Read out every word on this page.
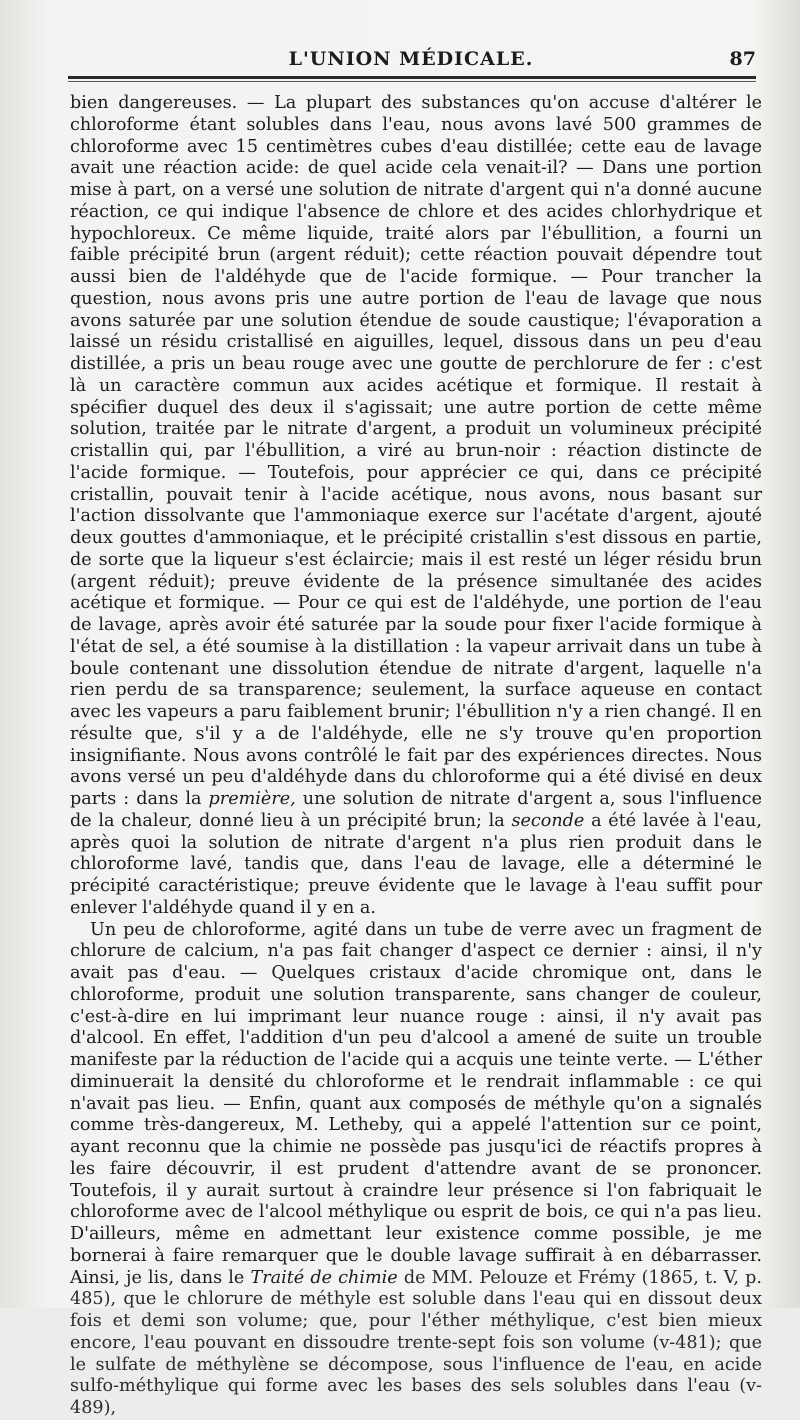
L'UNION MÉDICALE.	87

bien dangereuses. — La plupart des substances qu'on accuse d'altérer le chloroforme étant solubles dans l'eau, nous avons lavé 500 grammes de chloroforme avec 15 centimètres cubes d'eau distillée; cette eau de lavage avait une réaction acide: de quel acide cela venait-il? — Dans une portion mise à part, on a versé une solution de nitrate d'argent qui n'a donné aucune réaction, ce qui indique l'absence de chlore et des acides chlorhydrique et hypochloreux. Ce même liquide, traité alors par l'ébullition, a fourni un faible précipité brun (argent réduit); cette réaction pouvait dépendre tout aussi bien de l'aldéhyde que de l'acide formique. — Pour trancher la question, nous avons pris une autre portion de l'eau de lavage que nous avons saturée par une solution étendue de soude caustique; l'évaporation a laissé un résidu cristallisé en aiguilles, lequel, dissous dans un peu d'eau distillée, a pris un beau rouge avec une goutte de perchlorure de fer : c'est là un caractère commun aux acides acétique et formique. Il restait à spécifier duquel des deux il s'agissait; une autre portion de cette même solution, traitée par le nitrate d'argent, a produit un volumineux précipité cristallin qui, par l'ébullition, a viré au brun-noir : réaction distincte de l'acide formique. — Toutefois, pour apprécier ce qui, dans ce précipité cristallin, pouvait tenir à l'acide acétique, nous avons, nous basant sur l'action dissolvante que l'ammoniaque exerce sur l'acétate d'argent, ajouté deux gouttes d'ammoniaque, et le précipité cristallin s'est dissous en partie, de sorte que la liqueur s'est éclaircie; mais il est resté un léger résidu brun (argent réduit); preuve évidente de la présence simultanée des acides acétique et formique. — Pour ce qui est de l'aldéhyde, une portion de l'eau de lavage, après avoir été saturée par la soude pour fixer l'acide formique à l'état de sel, a été soumise à la distillation : la vapeur arrivait dans un tube à boule contenant une dissolution étendue de nitrate d'argent, laquelle n'a rien perdu de sa transparence; seulement, la surface aqueuse en contact avec les vapeurs a paru faiblement brunir; l'ébullition n'y a rien changé. Il en résulte que, s'il y a de l'aldéhyde, elle ne s'y trouve qu'en proportion insignifiante. Nous avons contrôlé le fait par des expériences directes. Nous avons versé un peu d'aldéhyde dans du chloroforme qui a été divisé en deux parts : dans la première, une solution de nitrate d'argent a, sous l'influence de la chaleur, donné lieu à un précipité brun; la seconde a été lavée à l'eau, après quoi la solution de nitrate d'argent n'a plus rien produit dans le chloroforme lavé, tandis que, dans l'eau de lavage, elle a déterminé le précipité caractéristique; preuve évidente que le lavage à l'eau suffit pour enlever l'aldéhyde quand il y en a.

Un peu de chloroforme, agité dans un tube de verre avec un fragment de chlorure de calcium, n'a pas fait changer d'aspect ce dernier : ainsi, il n'y avait pas d'eau. — Quelques cristaux d'acide chromique ont, dans le chloroforme, produit une solution transparente, sans changer de couleur, c'est-à-dire en lui imprimant leur nuance rouge : ainsi, il n'y avait pas d'alcool. En effet, l'addition d'un peu d'alcool a amené de suite un trouble manifeste par la réduction de l'acide qui a acquis une teinte verte. — L'éther diminuerait la densité du chloroforme et le rendrait inflammable : ce qui n'avait pas lieu. — Enfin, quant aux composés de méthyle qu'on a signalés comme très-dangereux, M. Letheby, qui a appelé l'attention sur ce point, ayant reconnu que la chimie ne possède pas jusqu'ici de réactifs propres à les faire découvrir, il est prudent d'attendre avant de se prononcer. Toutefois, il y aurait surtout à craindre leur présence si l'on fabriquait le chloroforme avec de l'alcool méthylique ou esprit de bois, ce qui n'a pas lieu. D'ailleurs, même en admettant leur existence comme possible, je me bornerai à faire remarquer que le double lavage suffirait à en débarrasser. Ainsi, je lis, dans le Traité de chimie de MM. Pelouze et Frémy (1865, t. V, p. 485), que le chlorure de méthyle est soluble dans l'eau qui en dissout deux fois et demi son volume; que, pour l'éther méthylique, c'est bien mieux encore, l'eau pouvant en dissoudre trente-sept fois son volume (v-481); que le sulfate de méthylène se décompose, sous l'influence de l'eau, en acide sulfo-méthylique qui forme avec les bases des sels solubles dans l'eau (v-489),
